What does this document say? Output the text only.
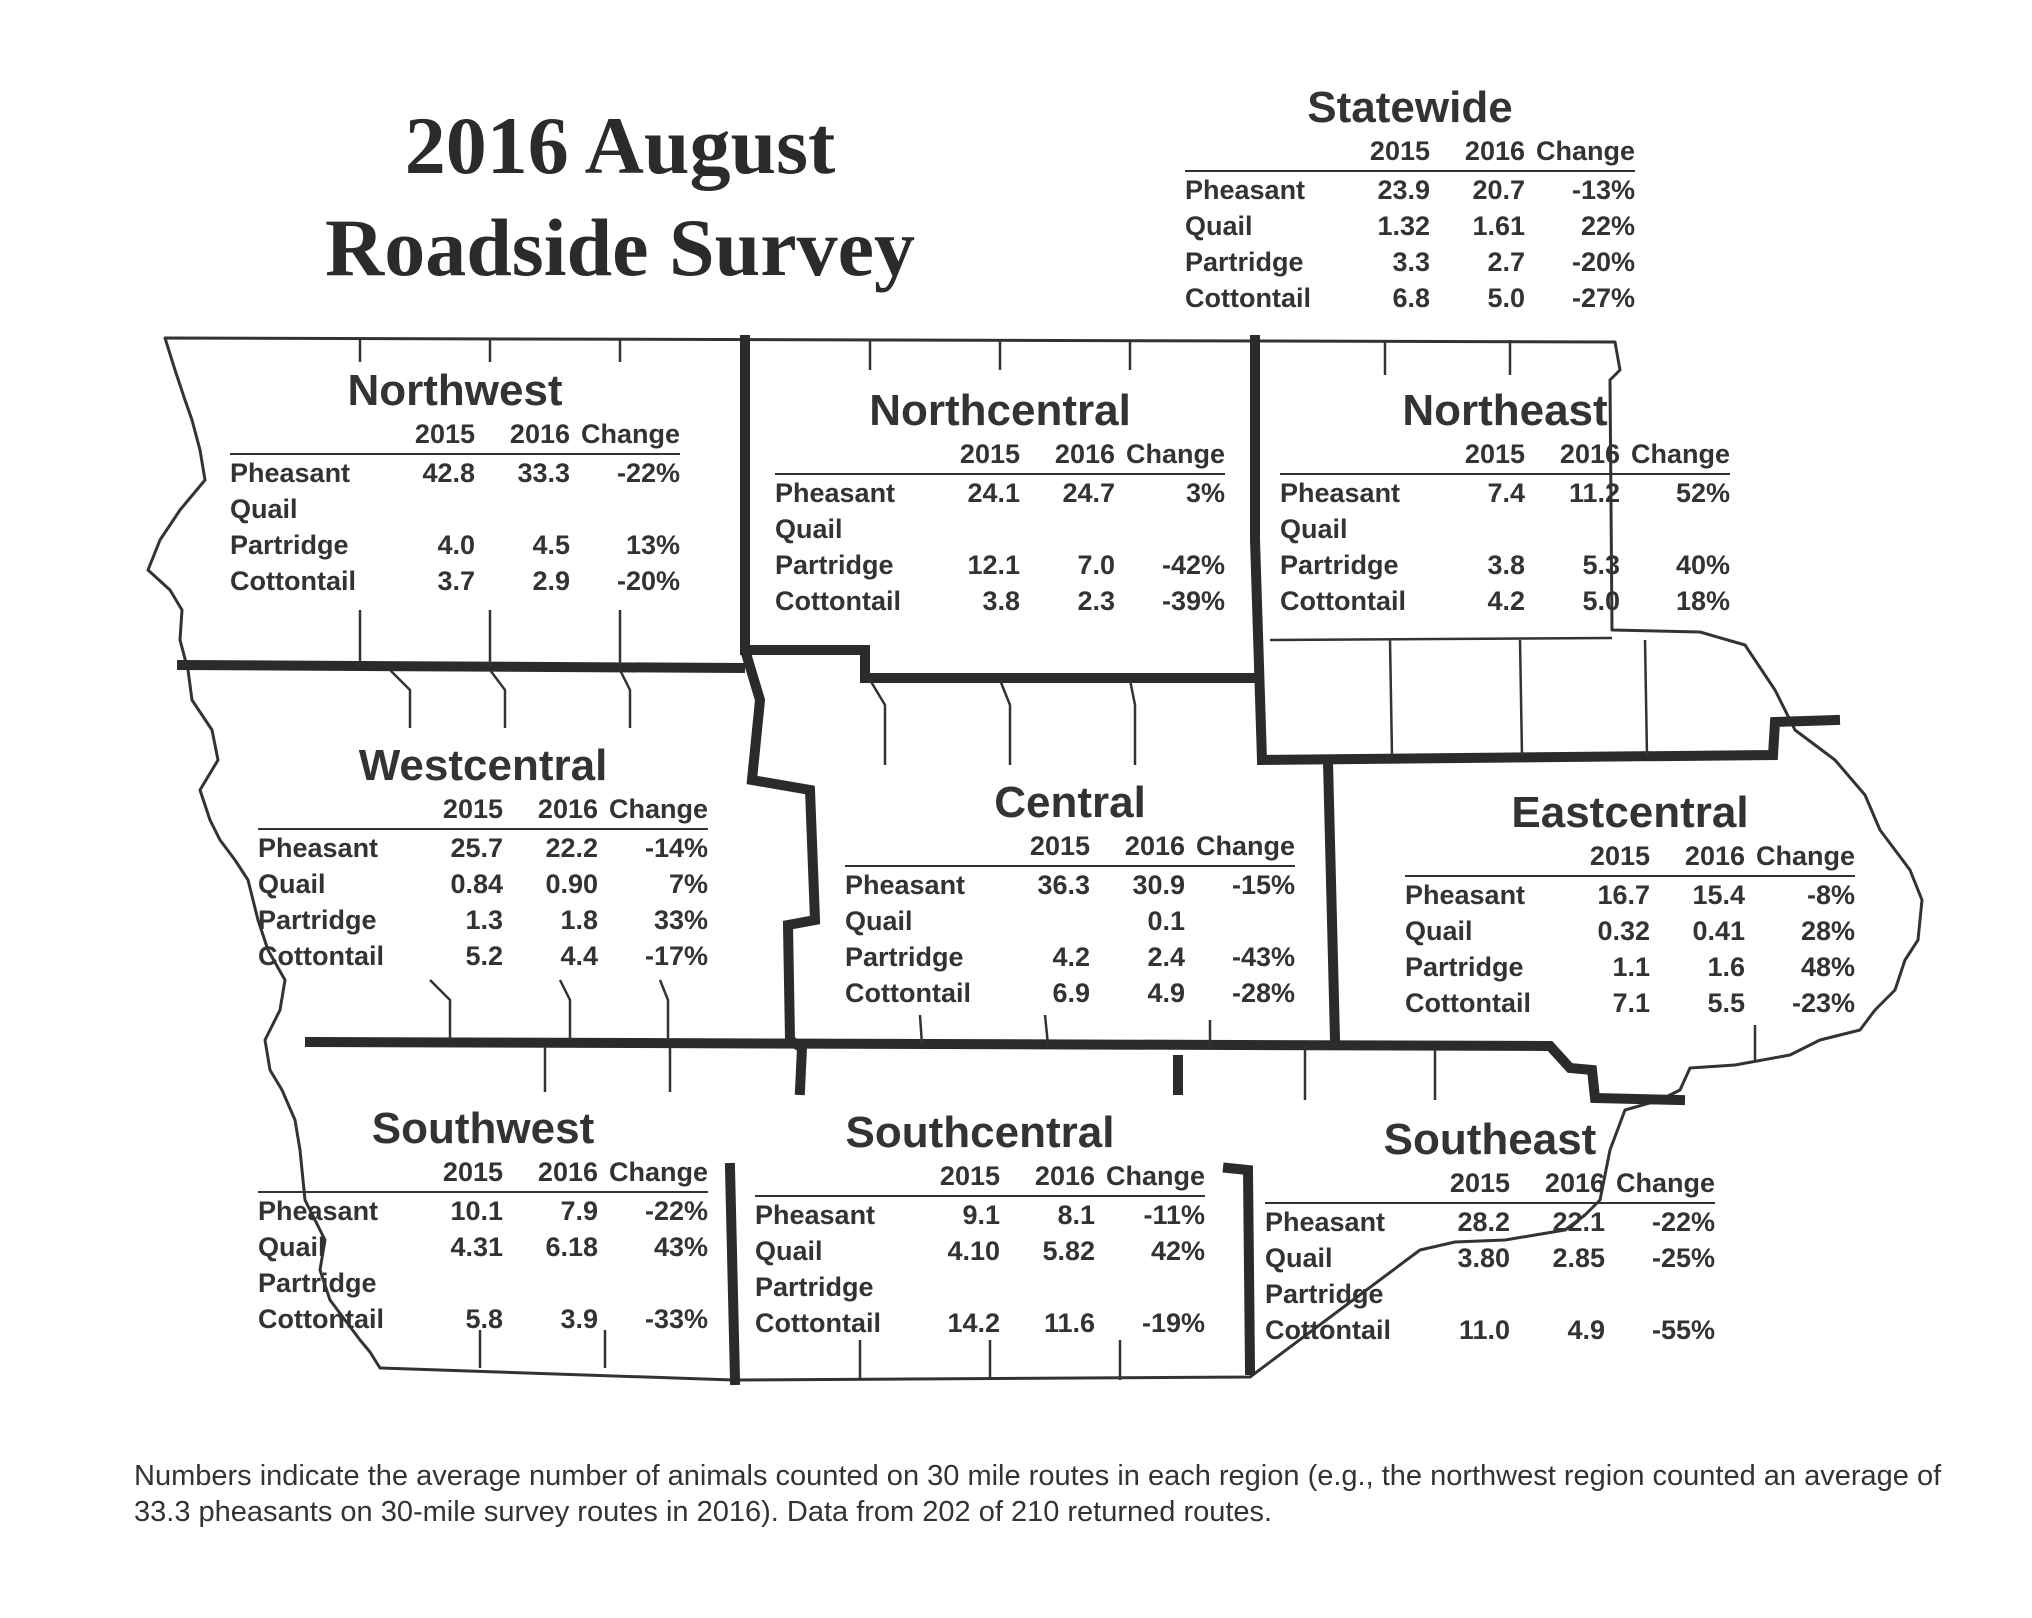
2016 August
Roadside Survey
Statewide
	2015	2016	Change
Pheasant	23.9	20.7	-13%
Quail	1.32	1.61	22%
Partridge	3.3	2.7	-20%
Cottontail	6.8	5.0	-27%
Northwest
	2015	2016	Change
Pheasant	42.8	33.3	-22%
Quail			
Partridge	4.0	4.5	13%
Cottontail	3.7	2.9	-20%
Northcentral
	2015	2016	Change
Pheasant	24.1	24.7	3%
Quail			
Partridge	12.1	7.0	-42%
Cottontail	3.8	2.3	-39%
Northeast
	2015	2016	Change
Pheasant	7.4	11.2	52%
Quail			
Partridge	3.8	5.3	40%
Cottontail	4.2	5.0	18%
Westcentral
	2015	2016	Change
Pheasant	25.7	22.2	-14%
Quail	0.84	0.90	7%
Partridge	1.3	1.8	33%
Cottontail	5.2	4.4	-17%
Central
	2015	2016	Change
Pheasant	36.3	30.9	-15%
Quail		0.1	
Partridge	4.2	2.4	-43%
Cottontail	6.9	4.9	-28%
Eastcentral
	2015	2016	Change
Pheasant	16.7	15.4	-8%
Quail	0.32	0.41	28%
Partridge	1.1	1.6	48%
Cottontail	7.1	5.5	-23%
Southwest
	2015	2016	Change
Pheasant	10.1	7.9	-22%
Quail	4.31	6.18	43%
Partridge			
Cottontail	5.8	3.9	-33%
Southcentral
	2015	2016	Change
Pheasant	9.1	8.1	-11%
Quail	4.10	5.82	42%
Partridge			
Cottontail	14.2	11.6	-19%
Southeast
	2015	2016	Change
Pheasant	28.2	22.1	-22%
Quail	3.80	2.85	-25%
Partridge			
Cottontail	11.0	4.9	-55%
Numbers indicate the average number of animals counted on 30 mile routes in each region (e.g., the northwest region counted an average of 33.3 pheasants on 30-mile survey routes in 2016). Data from 202 of 210 returned routes.
